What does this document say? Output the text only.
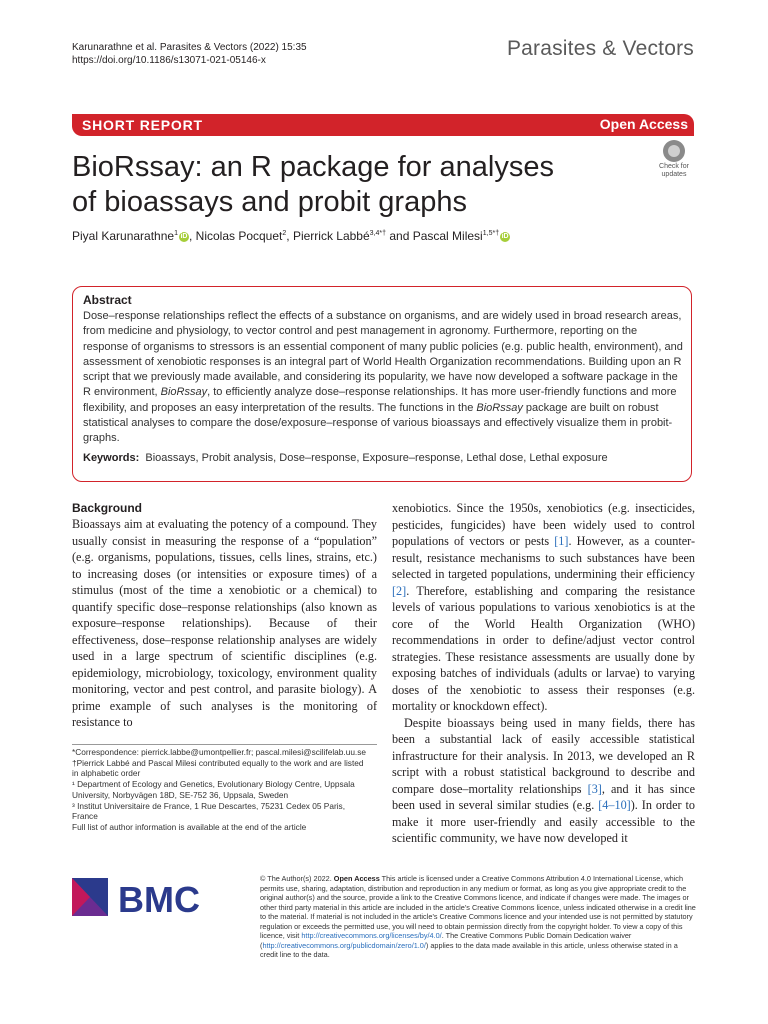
Karunarathne et al. Parasites & Vectors (2022) 15:35
https://doi.org/10.1186/s13071-021-05146-x
Parasites & Vectors
SHORT REPORT	Open Access
Check for
updates
BioRssay: an R package for analyses
of bioassays and probit graphs
Piyal Karunarathne$^1$ iD , Nicolas Pocquet$^2$, Pierrick Labbé$^{3,4*\dagger}$ and Pascal Milesi$^{1,5*\dagger}$ iD
Abstract

Dose–response relationships reflect the effects of a substance on organisms, and are widely used in broad research areas, from medicine and physiology, to vector control and pest management in agronomy. Furthermore, reporting on the response of organisms to stressors is an essential component of many public policies (e.g. public health, environment), and assessment of xenobiotic responses is an integral part of World Health Organization recommendations. Building upon an R script that we previously made available, and considering its popularity, we have now developed a software package in the R environment, BioRssay, to efficiently analyze dose–response relationships. It has more user-friendly functions and more flexibility, and proposes an easy interpretation of the results. The functions in the BioRssay package are built on robust statistical analyses to compare the dose/exposure–response of various bioassays and effectively visualize them in probit-graphs.

Keywords: Bioassays, Probit analysis, Dose–response, Exposure–response, Lethal dose, Lethal exposure
Background

Bioassays aim at evaluating the potency of a compound. They usually consist in measuring the response of a “population” (e.g. organisms, populations, tissues, cells lines, strains, etc.) to increasing doses (or intensities or exposure times) of a stimulus (most of the time a xenobiotic or a chemical) to quantify specific dose–response relationships (also known as exposure–response relationships). Because of their effectiveness, dose–response relationship analyses are widely used in a large spectrum of scientific disciplines (e.g. epidemiology, microbiology, toxicology, environment quality monitoring, vector and pest control, and parasite biology). A prime example of such analyses is the monitoring of resistance to

xenobiotics. Since the 1950s, xenobiotics (e.g. insecticides, pesticides, fungicides) have been widely used to control populations of vectors or pests [1]. However, as a counter-result, resistance mechanisms to such substances have been selected in targeted populations, undermining their efficiency [2]. Therefore, establishing and comparing the resistance levels of various populations to various xenobiotics is at the core of the World Health Organization (WHO) recommendations in order to define/adjust vector control strategies. These resistance assessments are usually done by exposing batches of individuals (adults or larvae) to varying doses of the xenobiotic to assess their responses (e.g. mortality or knockdown effect).

Despite bioassays being used in many fields, there has been a substantial lack of easily accessible statistical infrastructure for their analysis. In 2013, we developed an R script with a robust statistical background to describe and compare dose–mortality relationships [3], and it has since been used in several similar studies (e.g. [4–10]). In order to make it more user-friendly and easily accessible to the scientific community, we have now developed it

*Correspondence: pierrick.labbe@umontpellier.fr; pascal.milesi@scilifelab.uu.se
†Pierrick Labbé and Pascal Milesi contributed equally to the work and are listed in alphabetic order
¹ Department of Ecology and Genetics, Evolutionary Biology Centre, Uppsala University, Norbyvägen 18D, SE-752 36, Uppsala, Sweden
³ Institut Universitaire de France, 1 Rue Descartes, 75231 Cedex 05 Paris, France
Full list of author information is available at the end of the article
BMC
© The Author(s) 2022. Open Access This article is licensed under a Creative Commons Attribution 4.0 International License, which permits use, sharing, adaptation, distribution and reproduction in any medium or format, as long as you give appropriate credit to the original author(s) and the source, provide a link to the Creative Commons licence, and indicate if changes were made. The images or other third party material in this article are included in the article’s Creative Commons licence, unless indicated otherwise in a credit line to the material. If material is not included in the article’s Creative Commons licence and your intended use is not permitted by statutory regulation or exceeds the permitted use, you will need to obtain permission directly from the copyright holder. To view a copy of this licence, visit http://creativecommons.org/licenses/by/4.0/. The Creative Commons Public Domain Dedication waiver (http://creativecommons.org/publicdomain/zero/1.0/) applies to the data made available in this article, unless otherwise stated in a credit line to the data.
